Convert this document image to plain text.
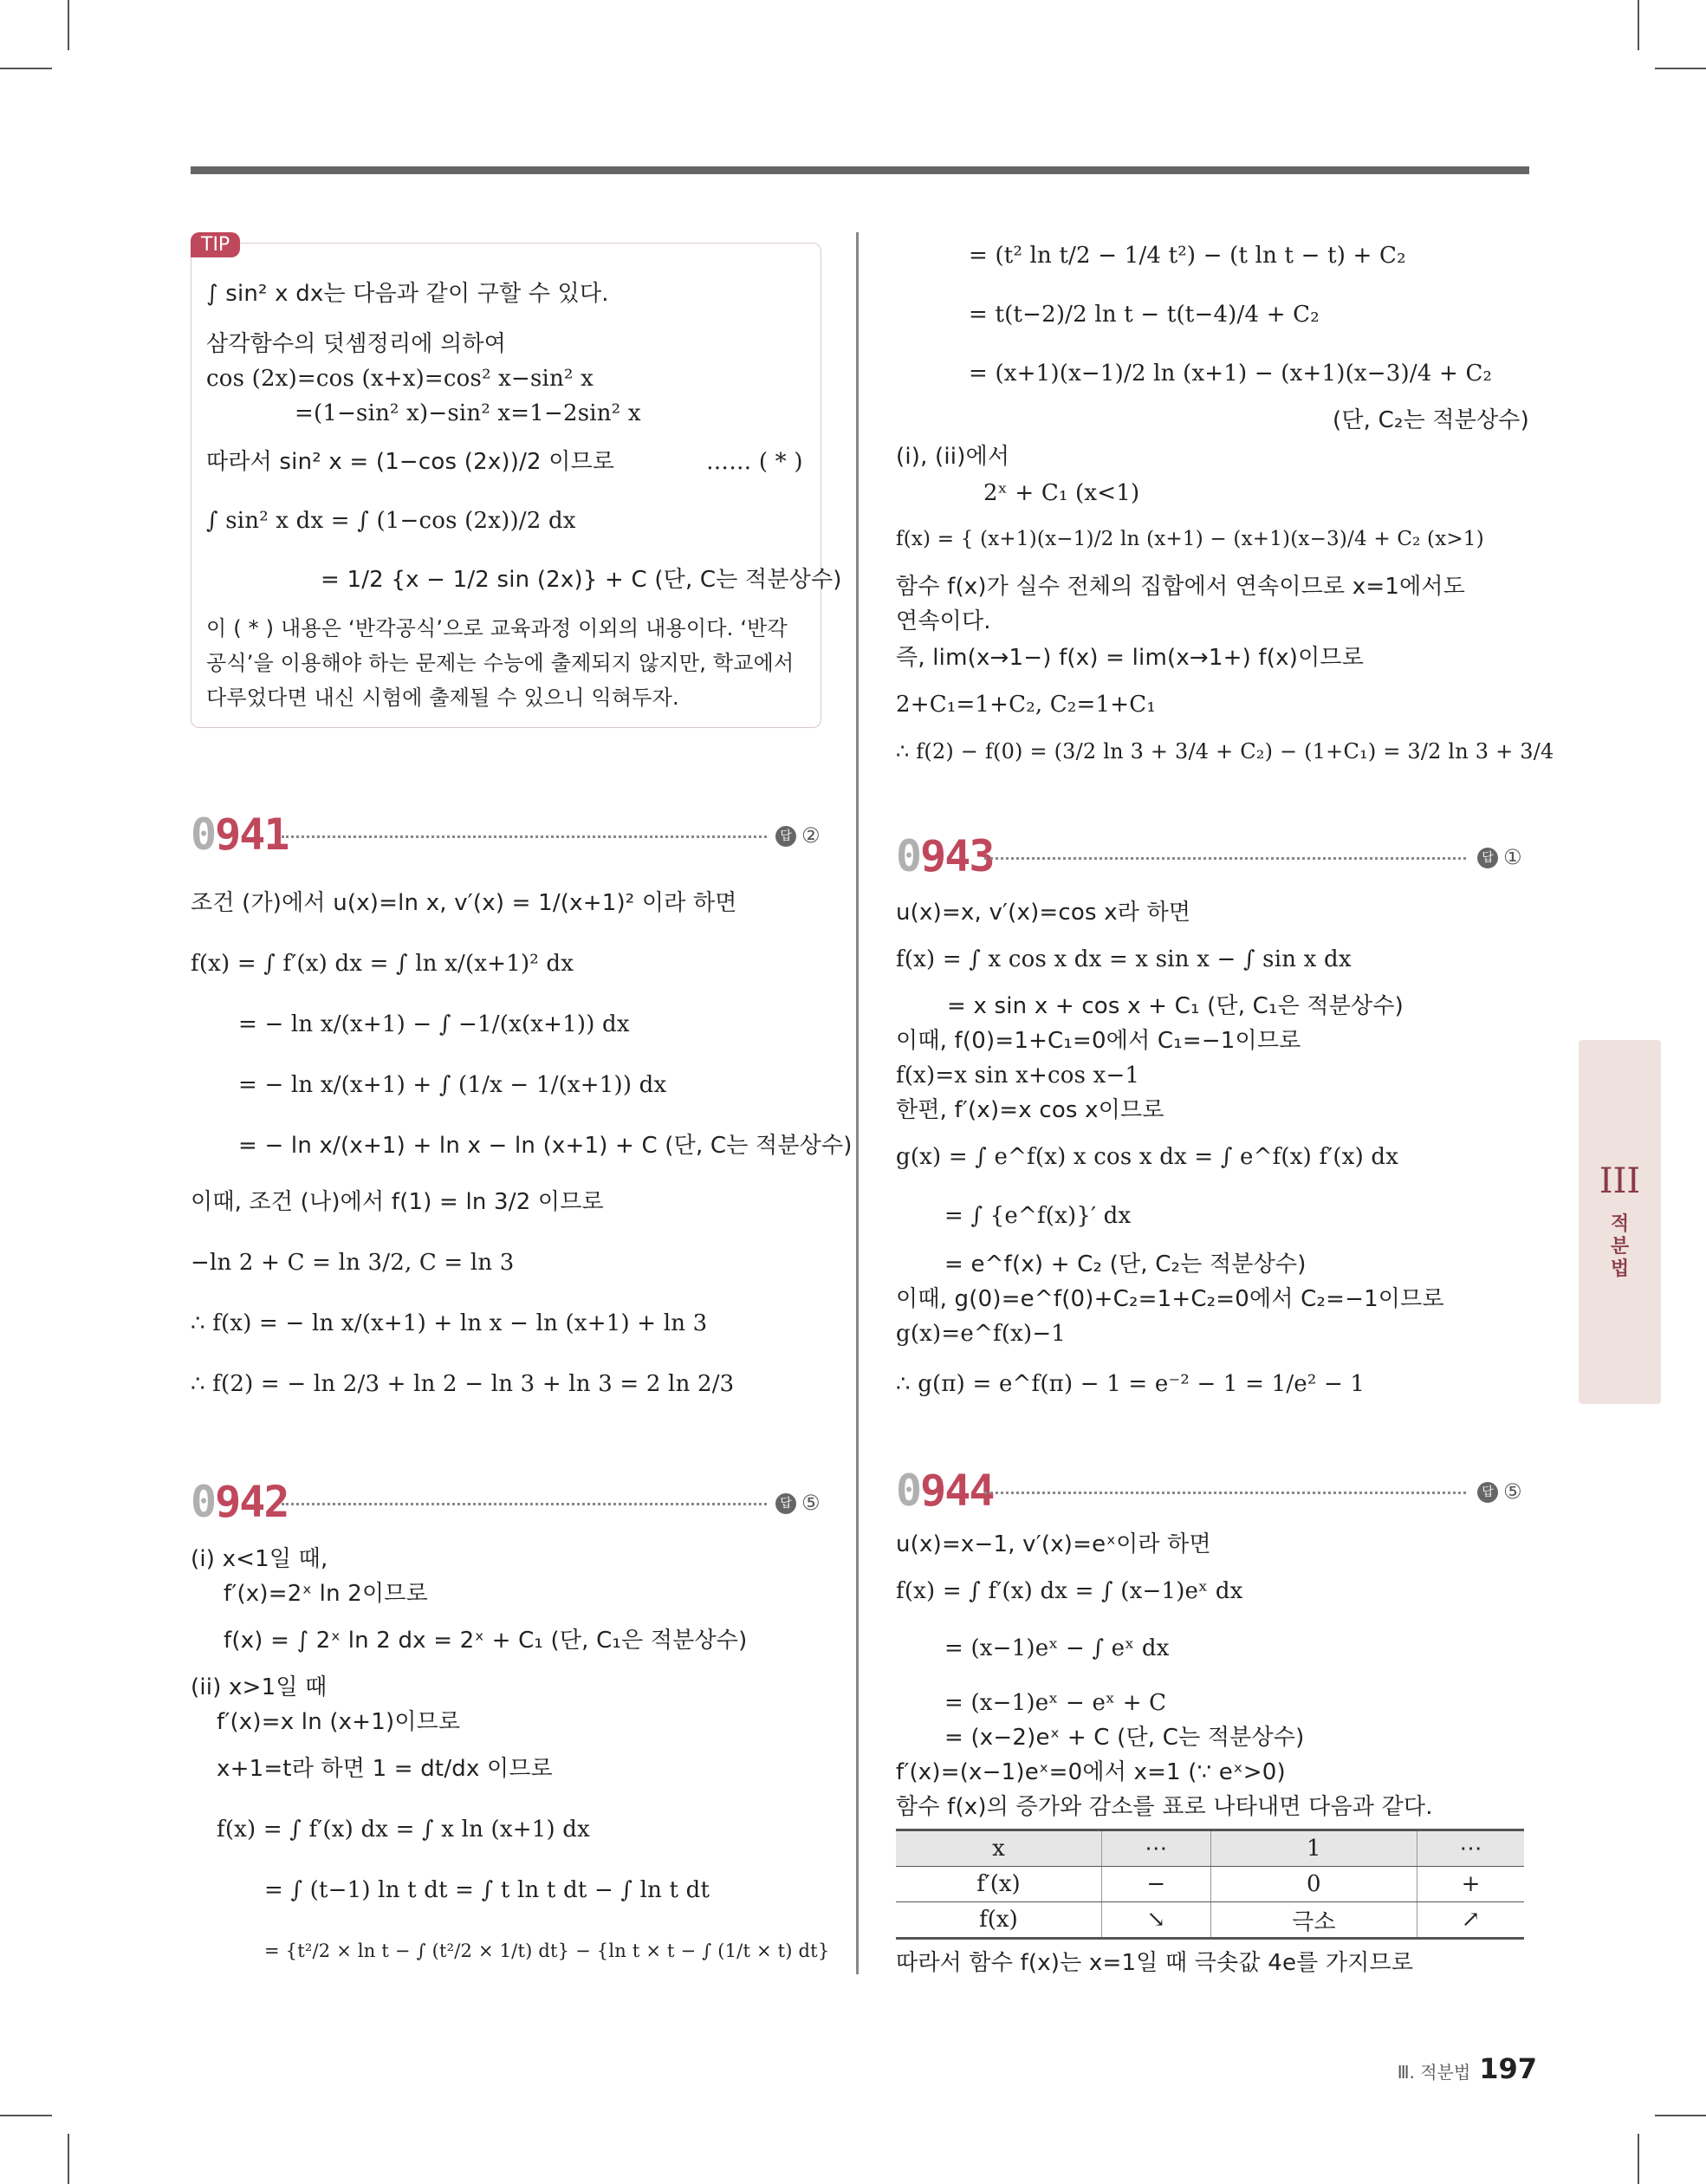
TIP
∫ sin² x dx는 다음과 같이 구할 수 있다.
삼각함수의 덧셈정리에 의하여
cos (2x)=cos (x+x)=cos² x−sin² x
=(1−sin² x)−sin² x=1−2sin² x
따라서 sin² x = (1−cos (2x))/2 이므로	…… ( * )
∫ sin² x dx = ∫ (1−cos (2x))/2 dx
= 1/2 {x − 1/2 sin (2x)} + C (단, C는 적분상수)
이 ( * ) 내용은 ‘반각공식’으로 교육과정 이외의 내용이다. ‘반각
공식’을 이용해야 하는 문제는 수능에 출제되지 않지만, 학교에서
다루었다면 내신 시험에 출제될 수 있으니 익혀두자.
0941	답 ②
조건 (가)에서 u(x)=ln x, v′(x) = 1/(x+1)² 이라 하면
f(x) = ∫ f′(x) dx = ∫ ln x/(x+1)² dx
= − ln x/(x+1) − ∫ −1/(x(x+1)) dx
= − ln x/(x+1) + ∫ (1/x − 1/(x+1)) dx
= − ln x/(x+1) + ln x − ln (x+1) + C (단, C는 적분상수)
이때, 조건 (나)에서 f(1) = ln 3/2 이므로
−ln 2 + C = ln 3/2, C = ln 3
∴ f(x) = − ln x/(x+1) + ln x − ln (x+1) + ln 3
∴ f(2) = − ln 2/3 + ln 2 − ln 3 + ln 3 = 2 ln 2/3
0942	답 ⑤
(i) x<1일 때,
f′(x)=2ˣ ln 2이므로
f(x) = ∫ 2ˣ ln 2 dx = 2ˣ + C₁ (단, C₁은 적분상수)
(ii) x>1일 때
f′(x)=x ln (x+1)이므로
x+1=t라 하면 1 = dt/dx 이므로
f(x) = ∫ f′(x) dx = ∫ x ln (x+1) dx
= ∫ (t−1) ln t dt = ∫ t ln t dt − ∫ ln t dt
= {t²/2 × ln t − ∫ (t²/2 × 1/t) dt} − {ln t × t − ∫ (1/t × t) dt}
= (t² ln t/2 − 1/4 t²) − (t ln t − t) + C₂
= t(t−2)/2 ln t − t(t−4)/4 + C₂
= (x+1)(x−1)/2 ln (x+1) − (x+1)(x−3)/4 + C₂
(단, C₂는 적분상수)
(i), (ii)에서
2ˣ + C₁ (x<1)
f(x) = { (x+1)(x−1)/2 ln (x+1) − (x+1)(x−3)/4 + C₂ (x>1)
함수 f(x)가 실수 전체의 집합에서 연속이므로 x=1에서도
연속이다.
즉, lim(x→1−) f(x) = lim(x→1+) f(x)이므로
2+C₁=1+C₂, C₂=1+C₁
∴ f(2) − f(0) = (3/2 ln 3 + 3/4 + C₂) − (1+C₁) = 3/2 ln 3 + 3/4
0943	답 ①
u(x)=x, v′(x)=cos x라 하면
f(x) = ∫ x cos x dx = x sin x − ∫ sin x dx
= x sin x + cos x + C₁ (단, C₁은 적분상수)
이때, f(0)=1+C₁=0에서 C₁=−1이므로
f(x)=x sin x+cos x−1
한편, f′(x)=x cos x이므로
g(x) = ∫ e^f(x) x cos x dx = ∫ e^f(x) f′(x) dx
= ∫ {e^f(x)}′ dx
= e^f(x) + C₂ (단, C₂는 적분상수)
이때, g(0)=e^f(0)+C₂=1+C₂=0에서 C₂=−1이므로
g(x)=e^f(x)−1
∴ g(π) = e^f(π) − 1 = e⁻² − 1 = 1/e² − 1
0944	답 ⑤
u(x)=x−1, v′(x)=eˣ이라 하면
f(x) = ∫ f′(x) dx = ∫ (x−1)eˣ dx
= (x−1)eˣ − ∫ eˣ dx
= (x−1)eˣ − eˣ + C
= (x−2)eˣ + C (단, C는 적분상수)
f′(x)=(x−1)eˣ=0에서 x=1 (∵ eˣ>0)
함수 f(x)의 증가와 감소를 표로 나타내면 다음과 같다.
x	⋯	1	⋯
f′(x)	−	0	+
f(x)	↘	극소	↗
따라서 함수 f(x)는 x=1일 때 극솟값 4e를 가지므로
III
적
분
법
Ⅲ. 적분법 197
